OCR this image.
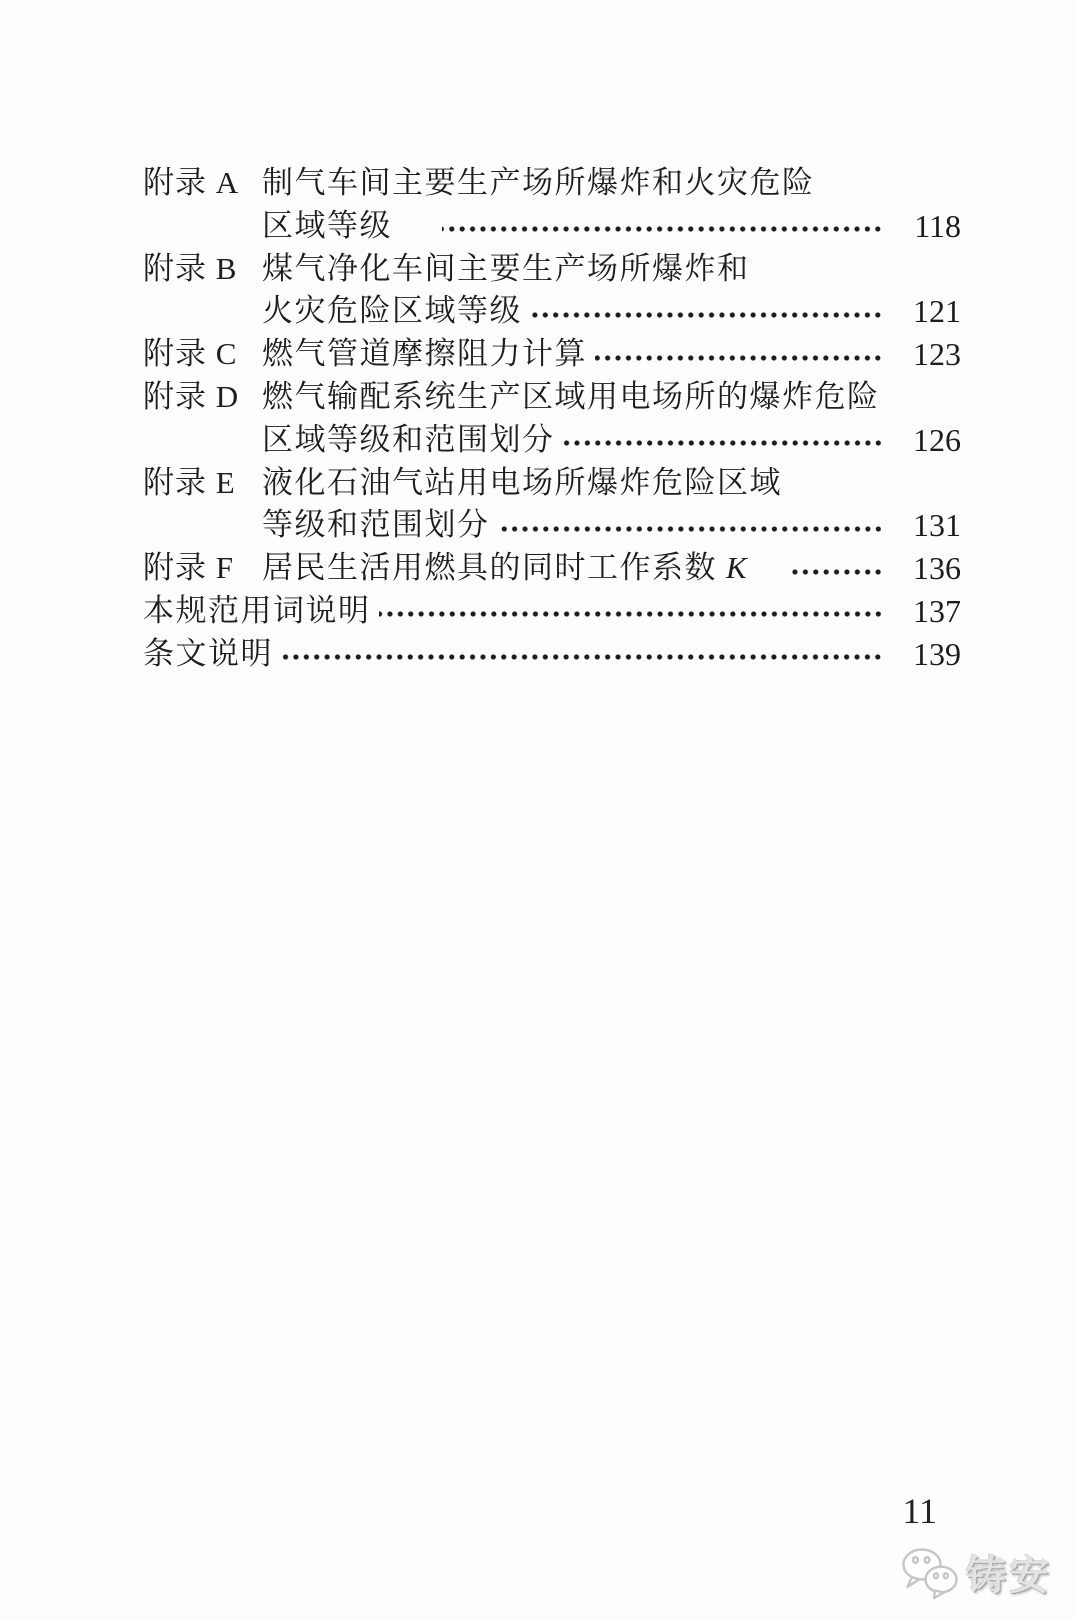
附录 A 制气车间主要生产场所爆炸和火灾危险
区域等级	118
附录 B 煤气净化车间主要生产场所爆炸和
火灾危险区域等级	121
附录 C 燃气管道摩擦阻力计算	123
附录 D 燃气输配系统生产区域用电场所的爆炸危险
区域等级和范围划分	126
附录 E 液化石油气站用电场所爆炸危险区域
等级和范围划分	131
附录 F 居民生活用燃具的同时工作系数 K	136
本规范用词说明	137
条文说明	139
11
铸安
